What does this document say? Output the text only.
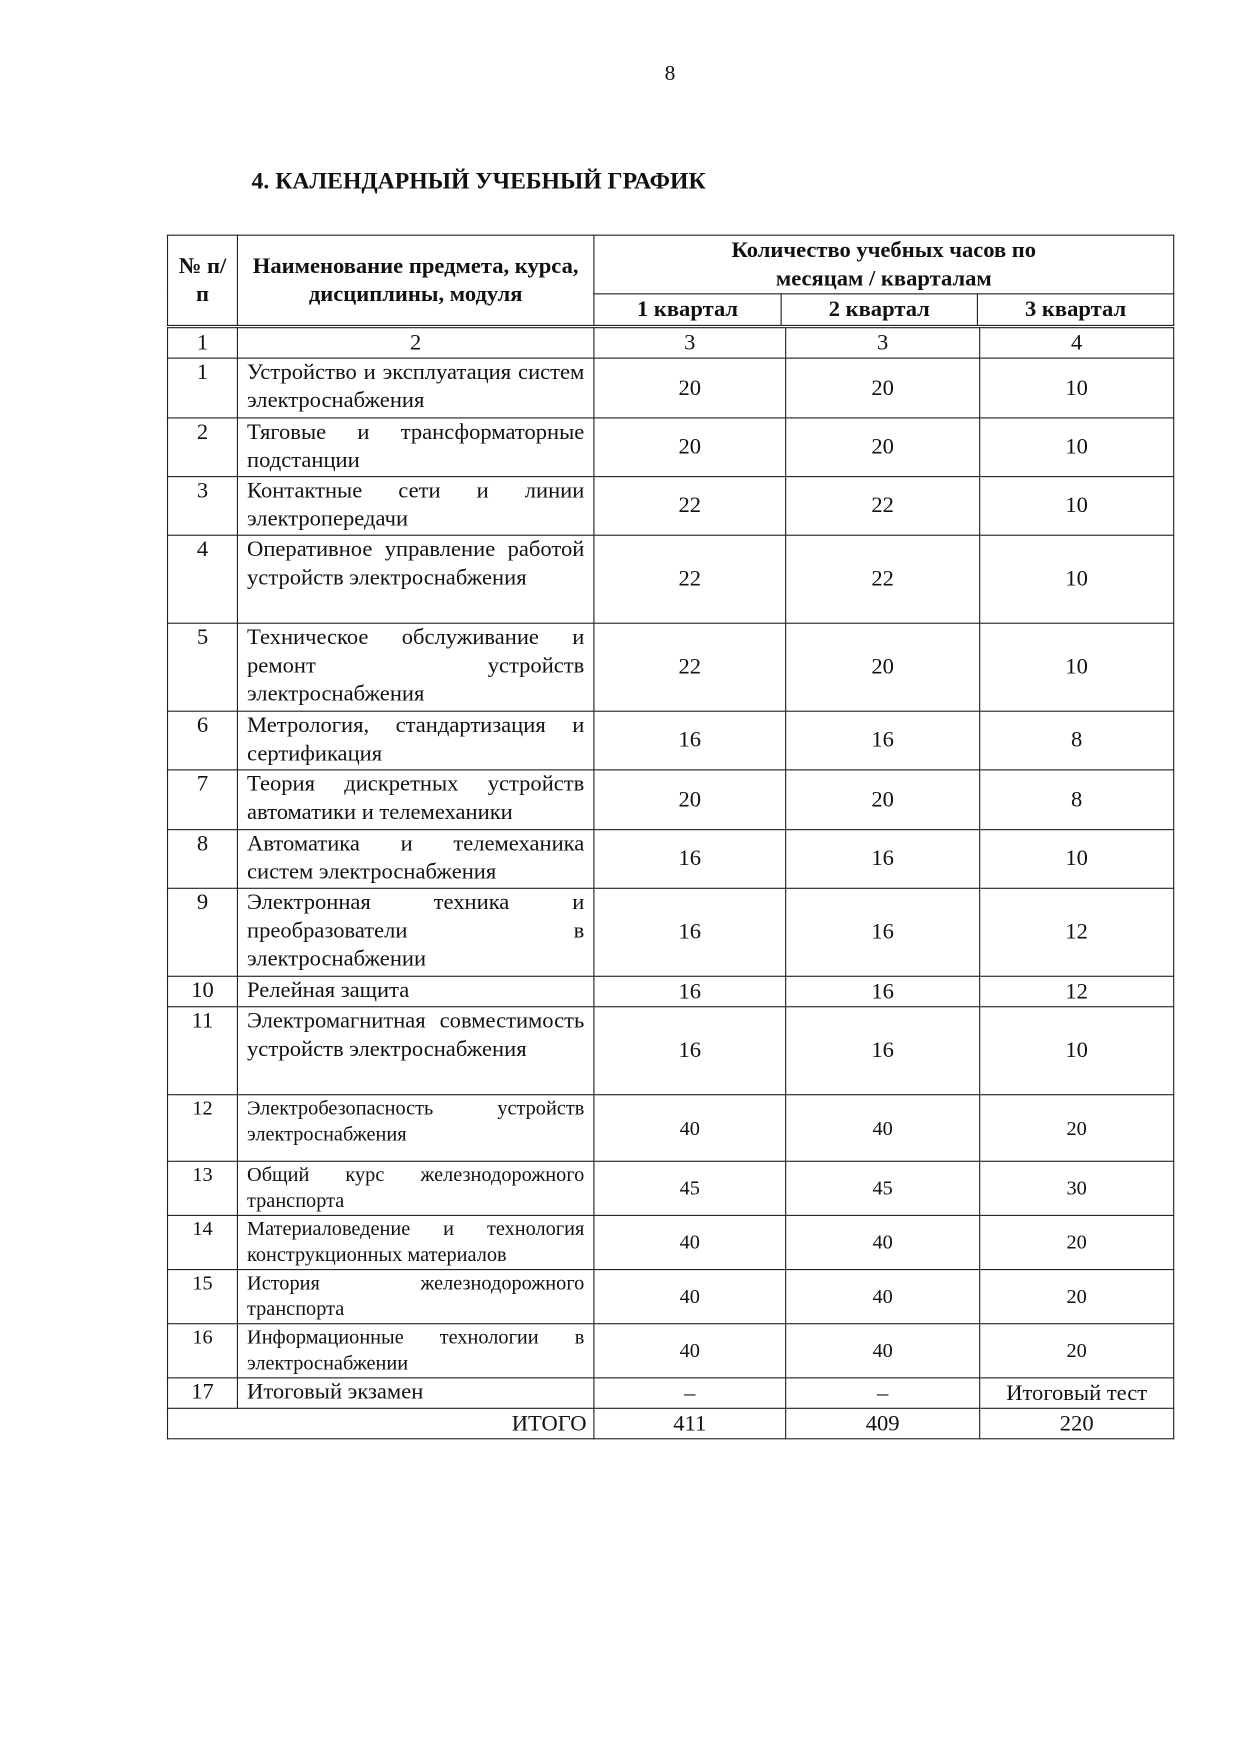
8
4. КАЛЕНДАРНЫЙ УЧЕБНЫЙ ГРАФИК
№ п/п	Наименование предмета, курса, дисциплины, модуля	Количество учебных часов по месяцам / кварталам		
		1 квартал	2 квартал	3 квартал
1	2	3	3	4
1	Устройство и эксплуатация систем электроснабжения	20	20	10
2	Тяговые и трансформаторные подстанции	20	20	10
3	Контактные сети и линии электропередачи	22	22	10
4	Оперативное управление работой устройств электроснабжения	22	22	10
5	Техническое обслуживание и ремонт устройств электроснабжения	22	20	10
6	Метрология, стандартизация и сертификация	16	16	8
7	Теория дискретных устройств автоматики и телемеханики	20	20	8
8	Автоматика и телемеханика систем электроснабжения	16	16	10
9	Электронная техника и преобразователи в электроснабжении	16	16	12
10	Релейная защита	16	16	12
11	Электромагнитная совместимость устройств электроснабжения	16	16	10
12	Электробезопасность устройств электроснабжения	40	40	20
13	Общий курс железнодорожного транспорта	45	45	30
14	Материаловедение и технология конструкционных материалов	40	40	20
15	История железнодорожного транспорта	40	40	20
16	Информационные технологии в электроснабжении	40	40	20
17	Итоговый экзамен	–	–	Итоговый тест
ИТОГО		411	409	220
